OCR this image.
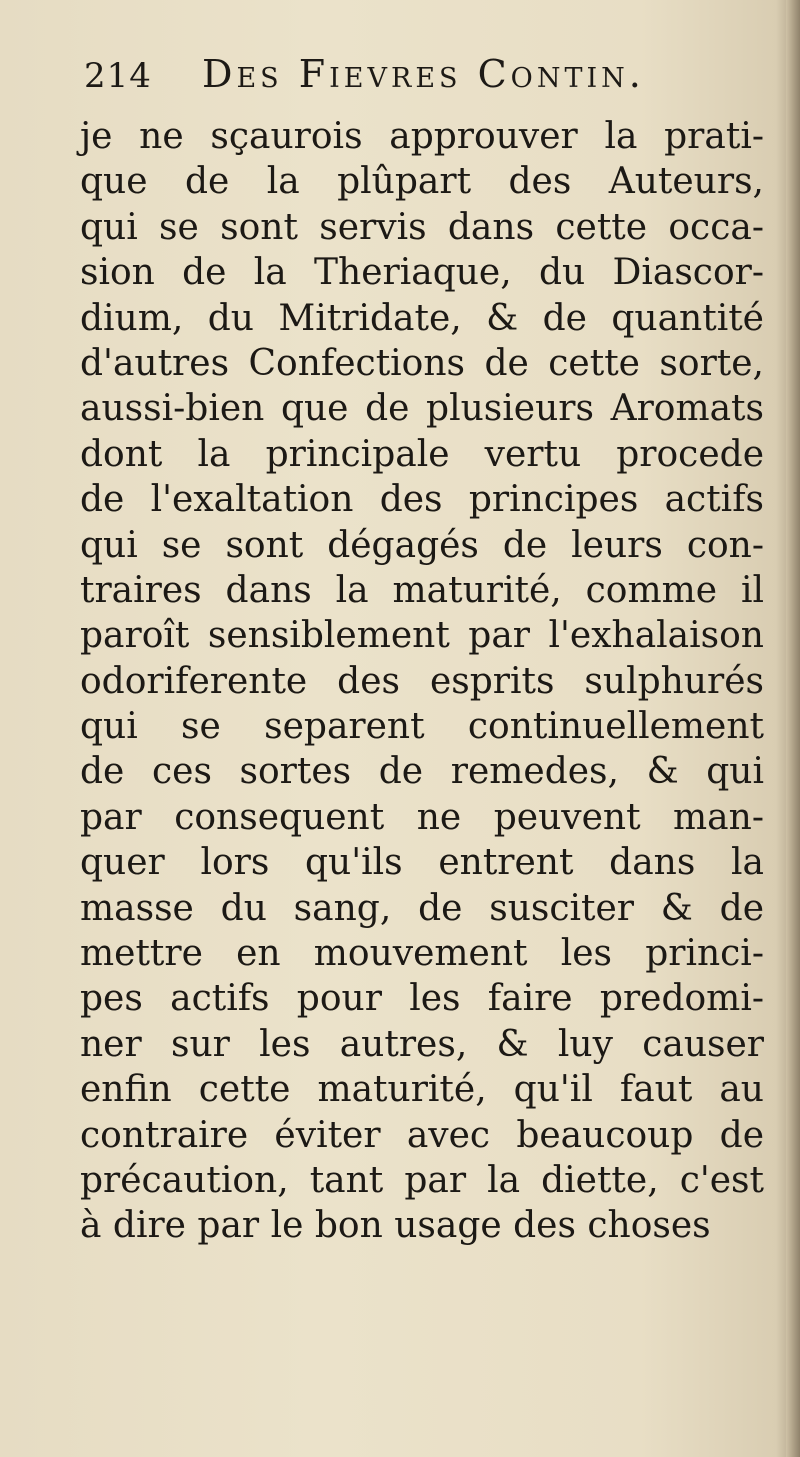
214 Des Fievres Contin.
je ne sçaurois approuver la prati-
que de la plûpart des Auteurs,
qui se sont servis dans cette occa-
sion de la Theriaque, du Diascor-
dium, du Mitridate, & de quantité
d'autres Confections de cette sorte,
aussi-bien que de plusieurs Aromats
dont la principale vertu procede
de l'exaltation des principes actifs
qui se sont dégagés de leurs con-
traires dans la maturité, comme il
paroît sensiblement par l'exhalaison
odoriferente des esprits sulphurés
qui se separent continuellement
de ces sortes de remedes, & qui
par consequent ne peuvent man-
quer lors qu'ils entrent dans la
masse du sang, de susciter & de
mettre en mouvement les princi-
pes actifs pour les faire predomi-
ner sur les autres, & luy causer
enfin cette maturité, qu'il faut au
contraire éviter avec beaucoup de
précaution, tant par la diette, c'est
à dire par le bon usage des choses
